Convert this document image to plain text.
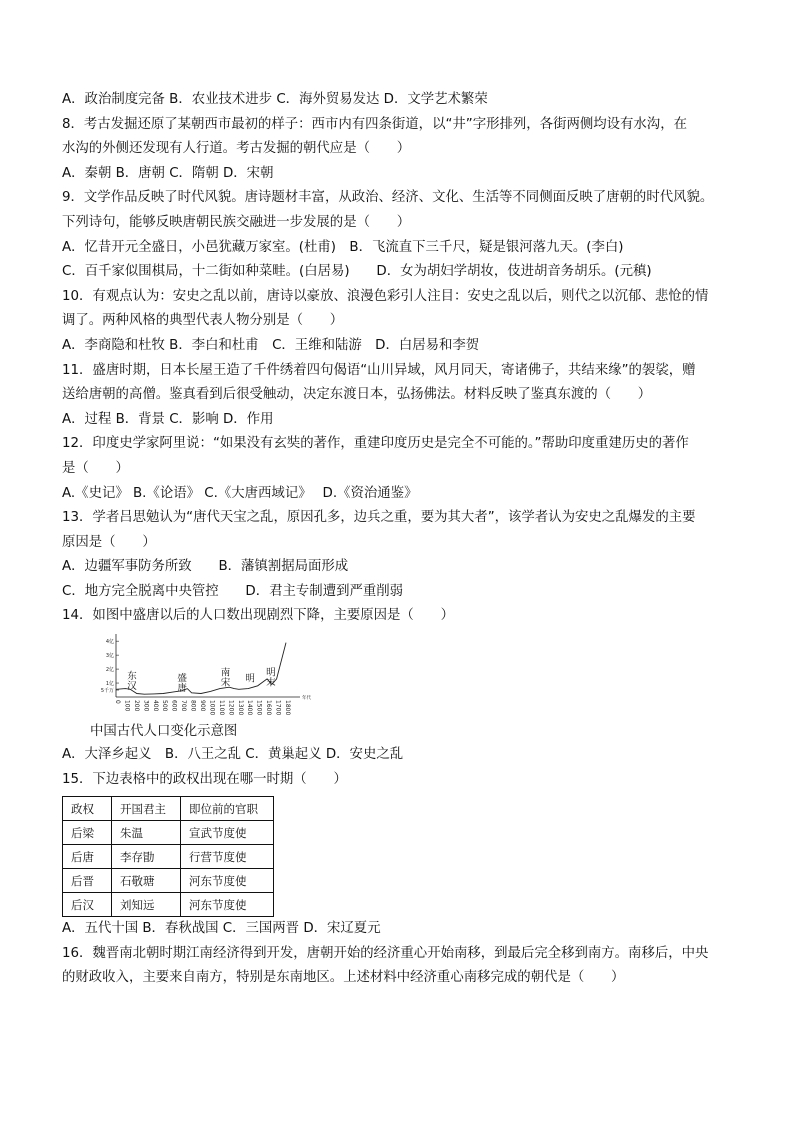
A．政治制度完备 B．农业技术进步 C．海外贸易发达 D．文学艺术繁荣
8．考古发掘还原了某朝西市最初的样子：西市内有四条街道，以“井”字形排列，各街两侧均设有水沟，在
水沟的外侧还发现有人行道。考古发掘的朝代应是（　　）
A．秦朝 B．唐朝 C．隋朝 D．宋朝
9．文学作品反映了时代风貌。唐诗题材丰富，从政治、经济、文化、生活等不同侧面反映了唐朝的时代风貌。
下列诗句，能够反映唐朝民族交融进一步发展的是（　　）
A．忆昔开元全盛日，小邑犹藏万家室。(杜甫)　B．飞流直下三千尺，疑是银河落九天。(李白)
C．百千家似围棋局，十二街如种菜畦。(白居易)　　D．女为胡妇学胡妆，伎进胡音务胡乐。(元稹)
10．有观点认为：安史之乱以前，唐诗以豪放、浪漫色彩引人注目：安史之乱以后，则代之以沉郁、悲怆的情
调了。两种风格的典型代表人物分别是（　　）
A．李商隐和杜牧 B．李白和杜甫　C．王维和陆游　D．白居易和李贺
11．盛唐时期，日本长屋王造了千件绣着四句偈语“山川异域，风月同天，寄诸佛子，共结来缘”的袈裟，赠
送给唐朝的高僧。鉴真看到后很受触动，决定东渡日本，弘扬佛法。材料反映了鉴真东渡的（　　）
A．过程 B．背景 C．影响 D．作用
12．印度史学家阿里说：“如果没有玄奘的著作，重建印度历史是完全不可能的。”帮助印度重建历史的著作
是（　　）
A.《史记》 B.《论语》 C.《大唐西域记》　 D.《资治通鉴》
13．学者吕思勉认为“唐代天宝之乱，原因孔多，边兵之重，要为其大者”，该学者认为安史之乱爆发的主要
原因是（　　）
A．边疆军事防务所致　　B．藩镇割据局面形成
C．地方完全脱离中央管控　　D．君主专制遭到严重削弱
14．如图中盛唐以后的人口数出现剧烈下降，主要原因是（　　）
4亿
3亿
2亿
1亿
5千万
0 100 200 300 400 500 600 700 800 900 1000 1100 1200 1300 1400 1500 1600 1700 1800
年代
东
汉
盛
唐
南
宋 明
明
末
中国古代人口变化示意图
A．大泽乡起义　B．八王之乱 C．黄巢起义 D．安史之乱
15．下边表格中的政权出现在哪一时期（　　）
政权	开国君主	即位前的官职
后梁	朱温	宣武节度使
后唐	李存勖	行营节度使
后晋	石敬瑭	河东节度使
后汉	刘知远	河东节度使
A．五代十国 B．春秋战国 C．三国两晋 D．宋辽夏元
16．魏晋南北朝时期江南经济得到开发，唐朝开始的经济重心开始南移，到最后完全移到南方。南移后，中央
的财政收入，主要来自南方，特别是东南地区。上述材料中经济重心南移完成的朝代是（　　）
